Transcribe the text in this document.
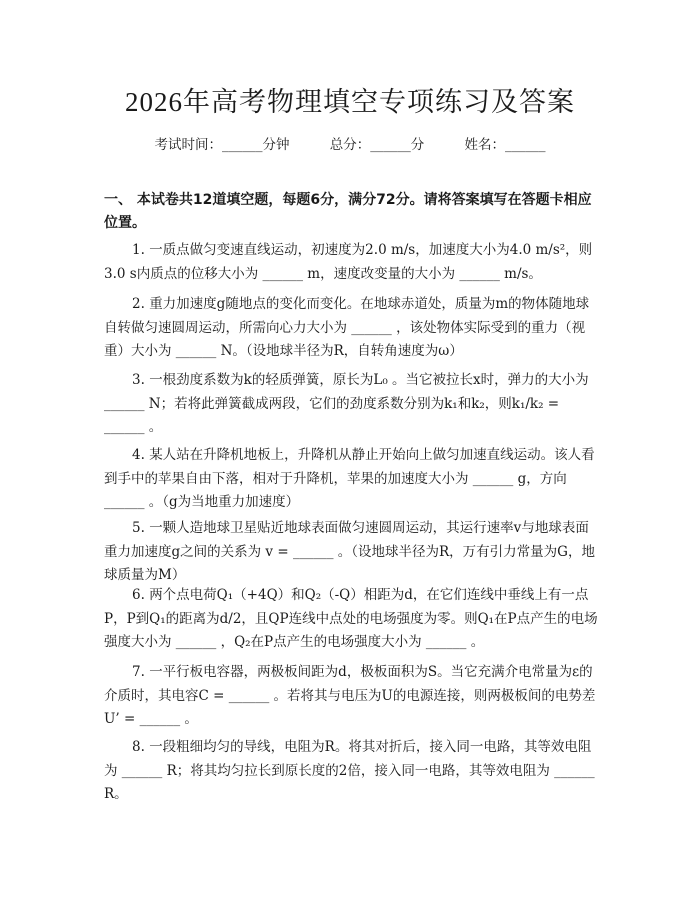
2026年高考物理填空专项练习及答案
考试时间：______分钟	总分：______分	姓名：______
一、 本试卷共12道填空题，每题6分，满分72分。请将答案填写在答题卡相应位置。
1. 一质点做匀变速直线运动，初速度为2.0 m/s，加速度大小为4.0 m/s²，则3.0 s内质点的位移大小为 ______ m，速度改变量的大小为 ______ m/s。
2. 重力加速度g随地点的变化而变化。在地球赤道处，质量为m的物体随地球自转做匀速圆周运动，所需向心力大小为 ______ ，该处物体实际受到的重力（视重）大小为 ______ N。（设地球半径为R，自转角速度为ω）
3. 一根劲度系数为k的轻质弹簧，原长为L₀ 。当它被拉长x时，弹力的大小为 ______ N；若将此弹簧截成两段，它们的劲度系数分别为k₁和k₂，则k₁/k₂ = ______ 。
4. 某人站在升降机地板上，升降机从静止开始向上做匀加速直线运动。该人看到手中的苹果自由下落，相对于升降机，苹果的加速度大小为 ______ g，方向 ______ 。（g为当地重力加速度）
5. 一颗人造地球卫星贴近地球表面做匀速圆周运动，其运行速率v与地球表面重力加速度g之间的关系为 v = ______ 。（设地球半径为R，万有引力常量为G，地球质量为M）
6. 两个点电荷Q₁（+4Q）和Q₂（-Q）相距为d，在它们连线中垂线上有一点P，P到Q₁的距离为d/2，且QP连线中点处的电场强度为零。则Q₁在P点产生的电场强度大小为 ______ ，Q₂在P点产生的电场强度大小为 ______ 。
7. 一平行板电容器，两极板间距为d，极板面积为S。当它充满介电常量为ε的介质时，其电容C = ______ 。若将其与电压为U的电源连接，则两极板间的电势差U’ = ______ 。
8. 一段粗细均匀的导线，电阻为R。将其对折后，接入同一电路，其等效电阻为 ______ R；将其均匀拉长到原长度的2倍，接入同一电路，其等效电阻为 ______ R。
